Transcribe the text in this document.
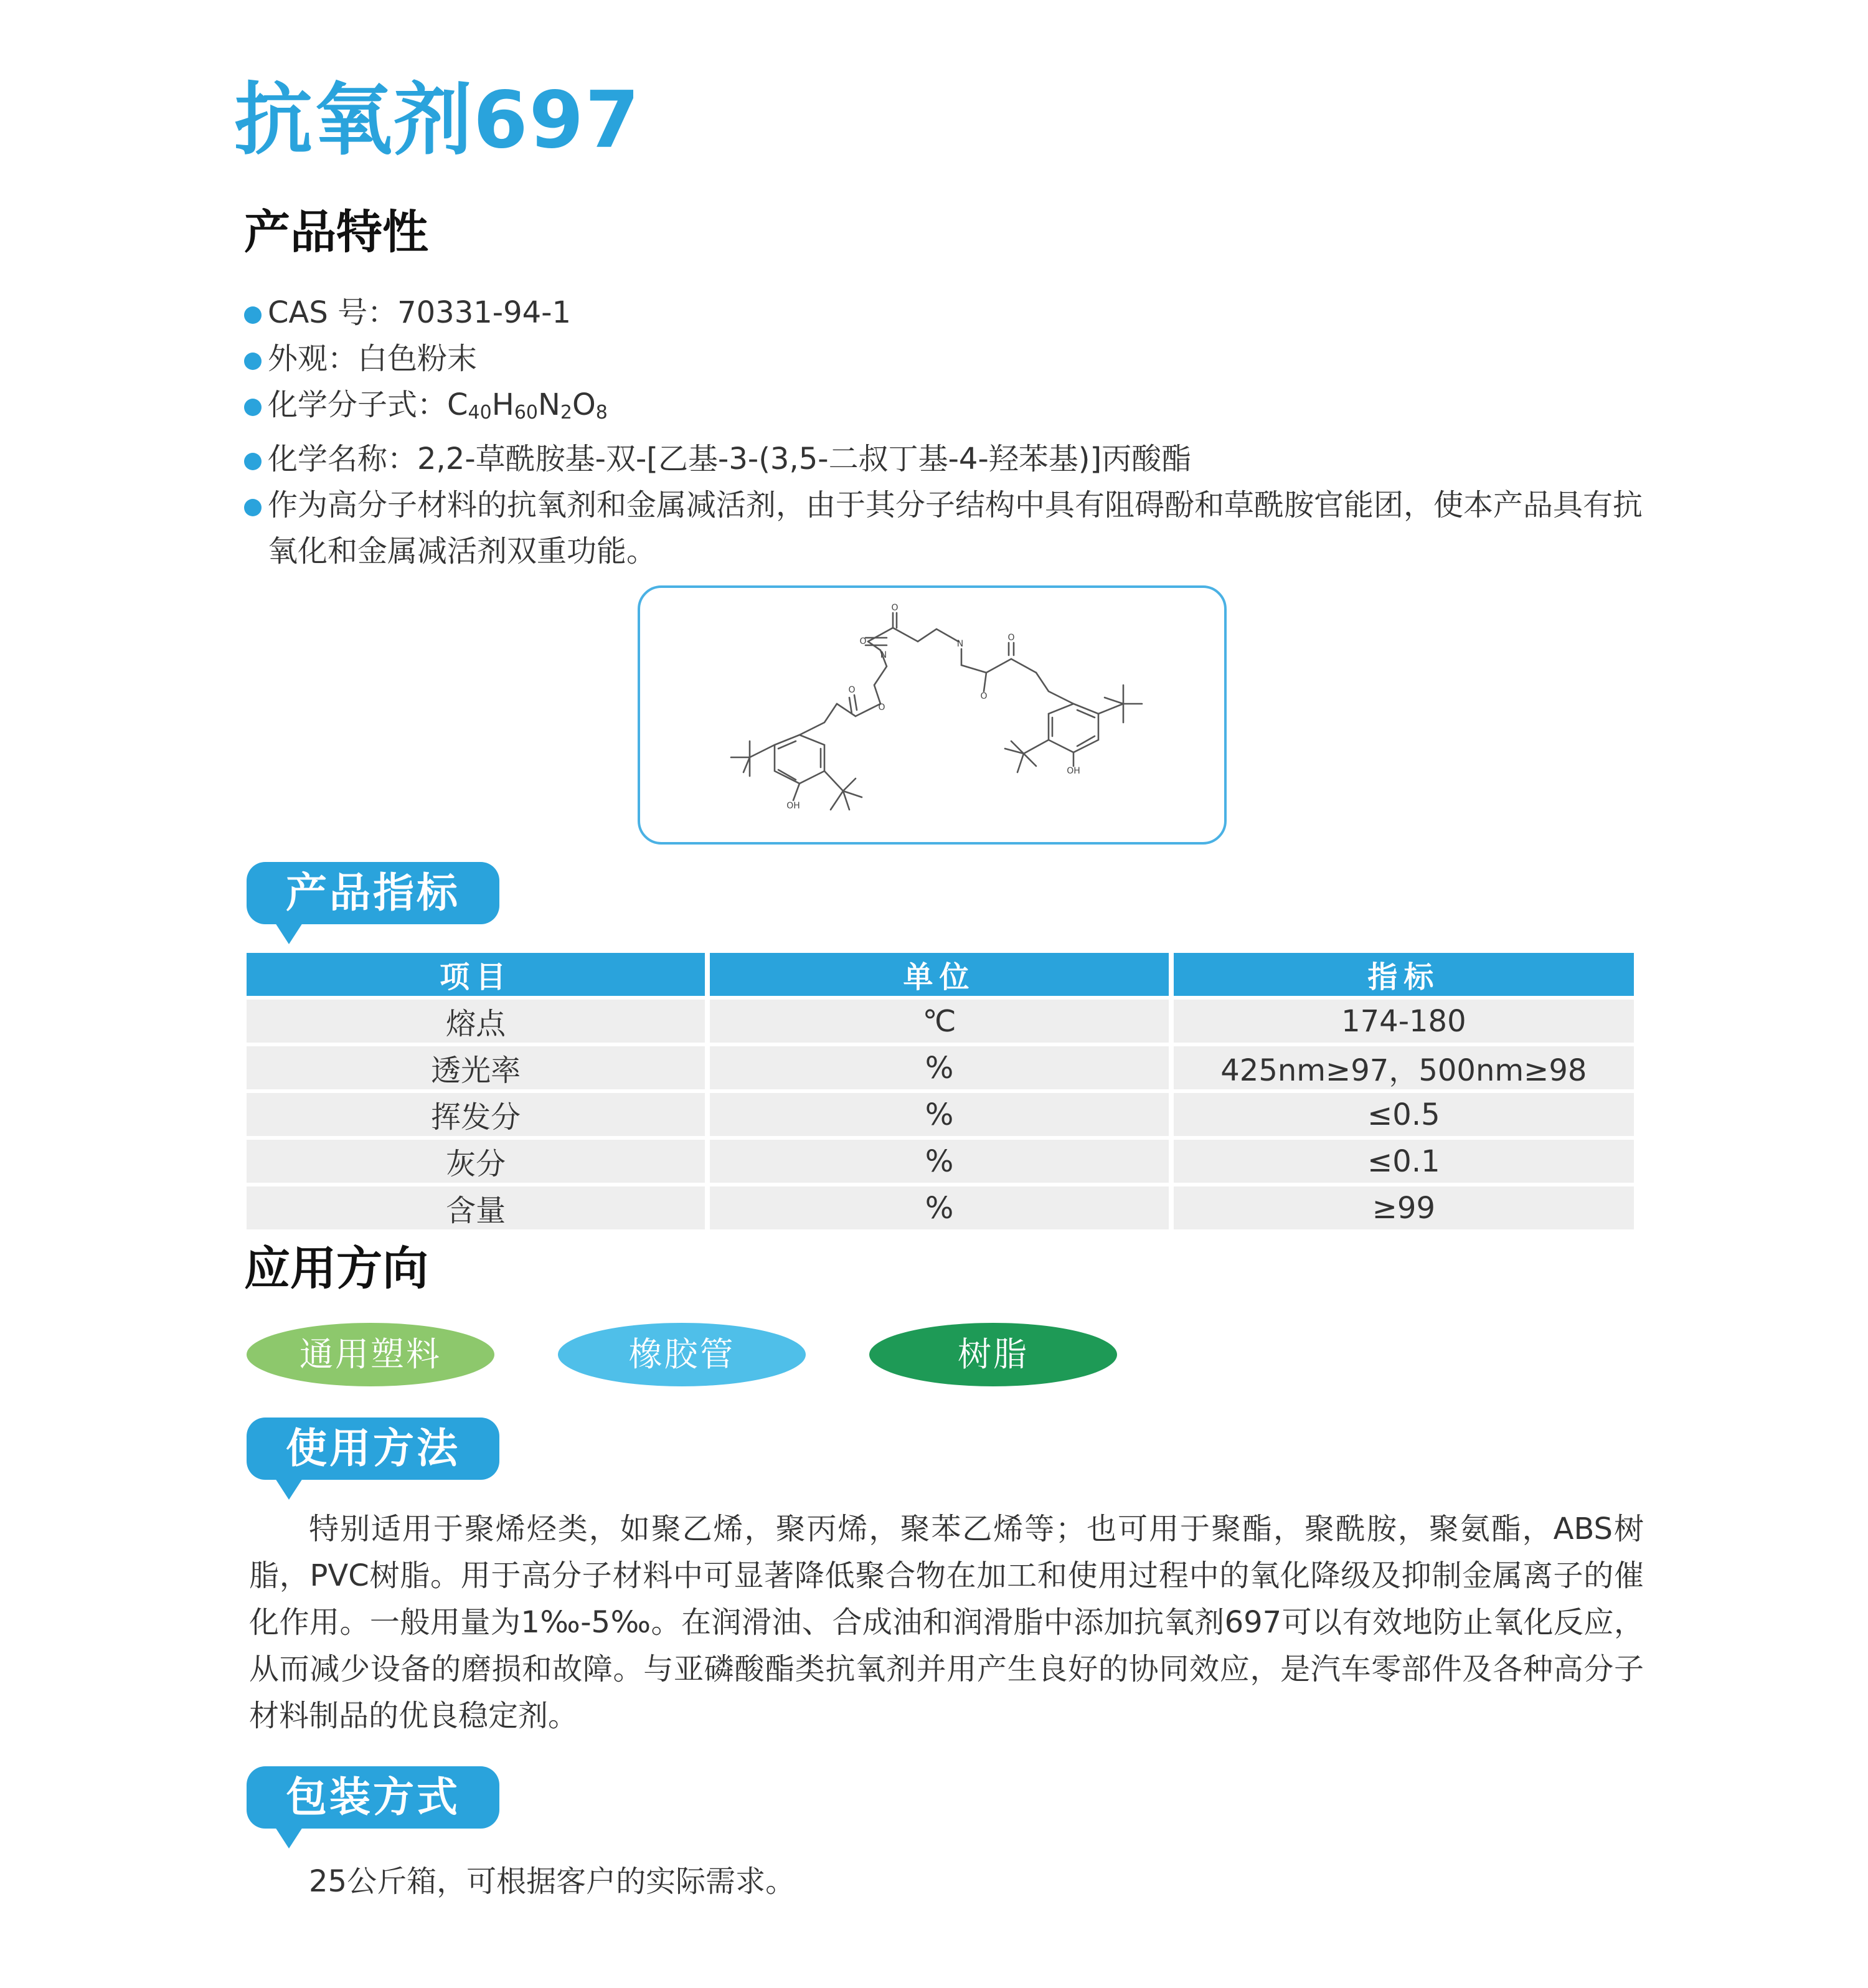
抗氧剂697
产品特性
CAS 号：70331-94-1
外观：白色粉末
化学分子式：$C_{40}H_{60}N_2O_8$
化学名称：2,2-草酰胺基-双-[乙基-3-(3,5-二叔丁基-4-羟苯基)]丙酸酯
作为高分子材料的抗氧剂和金属减活剂，由于其分子结构中具有阻碍酚和草酰胺官能团，使本产品具有抗氧化和金属减活剂双重功能。
O
O
N
N
O
O
O
O
OH
OH
产品指标
项目	单位	指标
熔点	℃	174-180
透光率	%	425nm≥97，500nm≥98
挥发分	%	≤0.5
灰分	%	≤0.1
含量	%	≥99
应用方向
通用塑料	橡胶管	树脂
使用方法
特别适用于聚烯烃类，如聚乙烯，聚丙烯，聚苯乙烯等；也可用于聚酯，聚酰胺，聚氨酯，ABS树脂，PVC树脂。用于高分子材料中可显著降低聚合物在加工和使用过程中的氧化降级及抑制金属离子的催化作用。一般用量为1‰-5‰。在润滑油、合成油和润滑脂中添加抗氧剂697可以有效地防止氧化反应，从而减少设备的磨损和故障。与亚磷酸酯类抗氧剂并用产生良好的协同效应，是汽车零部件及各种高分子材料制品的优良稳定剂。
包装方式
25公斤箱，可根据客户的实际需求。
